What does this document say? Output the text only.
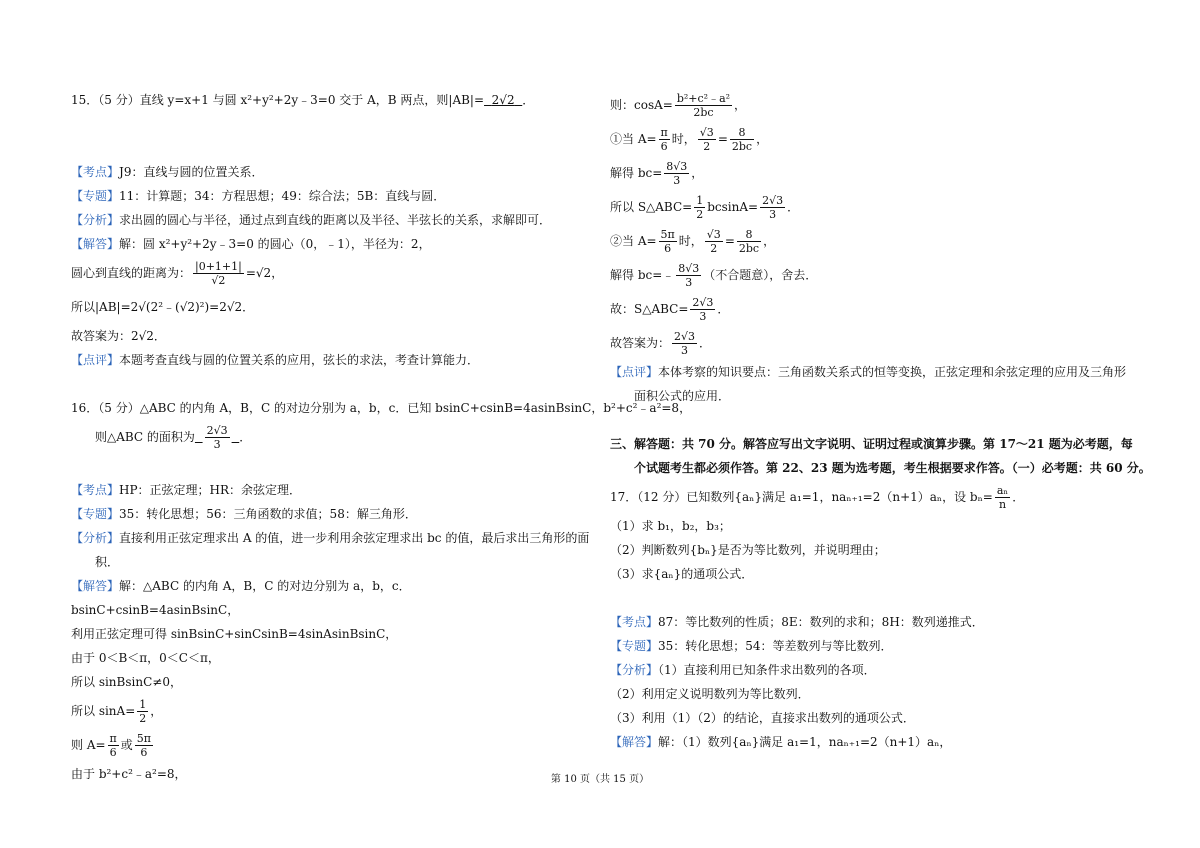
15．（5 分）直线 y=x+1 与圆 x²+y²+2y﹣3=0 交于 A，B 两点，则|AB|= 2√2 ．
【考点】J9：直线与圆的位置关系．
【专题】11：计算题；34：方程思想；49：综合法；5B：直线与圆．
【分析】求出圆的圆心与半径，通过点到直线的距离以及半径、半弦长的关系，求解即可．
【解答】解：圆 x²+y²+2y﹣3=0 的圆心（0，﹣1），半径为：2，
圆心到直线的距离为： $\frac{|0+1+1|}{√2} =√2$，
所以|AB|=2√(2²﹣(√2)²)=2√2．
故答案为：2√2．
【点评】本题考查直线与圆的位置关系的应用，弦长的求法，考查计算能力．
16．（5 分）△ABC 的内角 A，B，C 的对边分别为 a，b，c．已知 bsinC+csinB=4asinBsinC，b²+c²﹣a²=8，
则△ABC 的面积为 $\frac{2√3}{3}$ ．
【考点】HP：正弦定理；HR：余弦定理．
【专题】35：转化思想；56：三角函数的求值；58：解三角形．
【分析】直接利用正弦定理求出 A 的值，进一步利用余弦定理求出 bc 的值，最后求出三角形的面
积．
【解答】解：△ABC 的内角 A，B，C 的对边分别为 a，b，c．
bsinC+csinB=4asinBsinC，
利用正弦定理可得 sinBsinC+sinCsinB=4sinAsinBsinC，
由于 0＜B＜π，0＜C＜π，
所以 sinBsinC≠0，
所以 $\sin A= \frac{1}{2}$ ，
则 $A= \frac{\pi}{6}$ 或 $\frac{5\pi}{6}$
由于 b²+c²﹣a²=8，
则：$\cos A= \frac{\text{b²+c²﹣a²}}{2bc}$ ，
①当 $A= \frac{\pi}{6}$ 时， $\frac{√3}{2} = \frac{8}{2bc}$ ，
解得 $bc= \frac{8√3}{3}$ ，
所以 S△ABC= $\frac{1}{2} bcsinA= \frac{2√3}{3}$ ．
②当 $A= \frac{5\pi}{6}$ 时， $\frac{√3}{2} = \frac{8}{2bc}$ ，
解得 bc=﹣ $\frac{8√3}{3}$ （不合题意），舍去．
故：S△ABC= $\frac{2√3}{3}$ ．
故答案为： $\frac{2√3}{3}$ ．
【点评】本体考察的知识要点：三角函数关系式的恒等变换，正弦定理和余弦定理的应用及三角形
面积公式的应用．
三、解答题：共 70 分。解答应写出文字说明、证明过程或演算步骤。第 17～21 题为必考题，每
个试题考生都必须作答。第 22、23 题为选考题，考生根据要求作答。（一）必考题：共 60 分。
17．（12 分）已知数列{aₙ}满足 a₁=1，naₙ₊₁=2（n+1）aₙ，设 $b_n= \frac{\text{aₙ}}{n}$ ．
（1）求 b₁，b₂，b₃；
（2）判断数列{bₙ}是否为等比数列，并说明理由；
（3）求{aₙ}的通项公式．
【考点】87：等比数列的性质；8E：数列的求和；8H：数列递推式．
【专题】35：转化思想；54：等差数列与等比数列．
【分析】（1）直接利用已知条件求出数列的各项．
（2）利用定义说明数列为等比数列．
（3）利用（1）（2）的结论，直接求出数列的通项公式．
【解答】解：（1）数列{aₙ}满足 a₁=1，naₙ₊₁=2（n+1）aₙ，
第 10 页（共 15 页）
